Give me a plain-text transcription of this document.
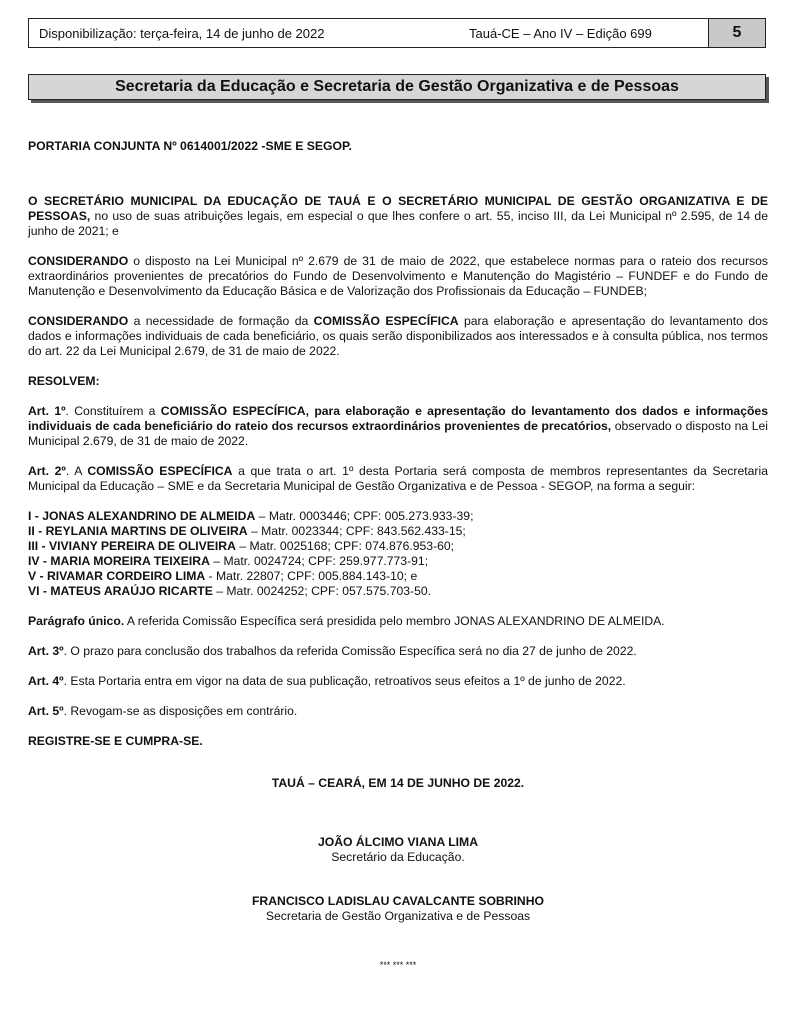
Disponibilização: terça-feira, 14 de junho de 2022	Tauá-CE – Ano IV – Edição 699	5
Secretaria da Educação e Secretaria de Gestão Organizativa e de Pessoas

PORTARIA CONJUNTA Nº 0614001/2022 -SME E SEGOP.

O SECRETÁRIO MUNICIPAL DA EDUCAÇÃO DE TAUÁ E O SECRETÁRIO MUNICIPAL DE GESTÃO ORGANIZATIVA E DE PESSOAS, no uso de suas atribuições legais, em especial o que lhes confere o art. 55, inciso III, da Lei Municipal nº 2.595, de 14 de junho de 2021; e

CONSIDERANDO o disposto na Lei Municipal nº 2.679 de 31 de maio de 2022, que estabelece normas para o rateio dos recursos extraordinários provenientes de precatórios do Fundo de Desenvolvimento e Manutenção do Magistério – FUNDEF e do Fundo de Manutenção e Desenvolvimento da Educação Básica e de Valorização dos Profissionais da Educação – FUNDEB;

CONSIDERANDO a necessidade de formação da COMISSÃO ESPECÍFICA para elaboração e apresentação do levantamento dos dados e informações individuais de cada beneficiário, os quais serão disponibilizados aos interessados e à consulta pública, nos termos do art. 22 da Lei Municipal 2.679, de 31 de maio de 2022.

RESOLVEM:

Art. 1º. Constituírem a COMISSÃO ESPECÍFICA, para elaboração e apresentação do levantamento dos dados e informações individuais de cada beneficiário do rateio dos recursos extraordinários provenientes de precatórios, observado o disposto na Lei Municipal 2.679, de 31 de maio de 2022.

Art. 2º. A COMISSÃO ESPECÍFICA a que trata o art. 1º desta Portaria será composta de membros representantes da Secretaria Municipal da Educação – SME e da Secretaria Municipal de Gestão Organizativa e de Pessoa - SEGOP, na forma a seguir:

I - JONAS ALEXANDRINO DE ALMEIDA – Matr. 0003446; CPF: 005.273.933-39;

II - REYLANIA MARTINS DE OLIVEIRA – Matr. 0023344; CPF: 843.562.433-15;

III - VIVIANY PEREIRA DE OLIVEIRA – Matr. 0025168; CPF: 074.876.953-60;

IV - MARIA MOREIRA TEIXEIRA – Matr. 0024724; CPF: 259.977.773-91;

V - RIVAMAR CORDEIRO LIMA - Matr. 22807; CPF: 005.884.143-10; e

VI - MATEUS ARAÚJO RICARTE – Matr. 0024252; CPF: 057.575.703-50.

Parágrafo único. A referida Comissão Específica será presidida pelo membro JONAS ALEXANDRINO DE ALMEIDA.

Art. 3º. O prazo para conclusão dos trabalhos da referida Comissão Específica será no dia 27 de junho de 2022.

Art. 4º. Esta Portaria entra em vigor na data de sua publicação, retroativos seus efeitos a 1º de junho de 2022.

Art. 5º. Revogam-se as disposições em contrário.

REGISTRE-SE E CUMPRA-SE.

TAUÁ – CEARÁ, EM 14 DE JUNHO DE 2022.

JOÃO ÁLCIMO VIANA LIMA

Secretário da Educação.

FRANCISCO LADISLAU CAVALCANTE SOBRINHO

Secretaria de Gestão Organizativa e de Pessoas

*** *** ***
